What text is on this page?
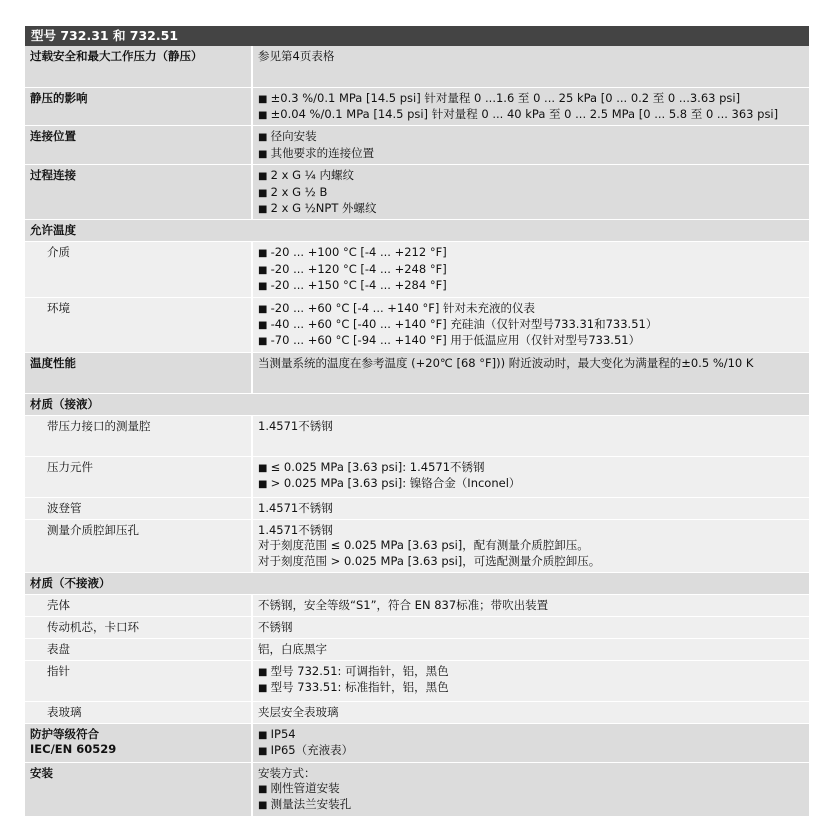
型号 732.31 和 732.51
过载安全和最大工作压力（静压）	参见第4页表格

静压的影响	■ ±0.3 %/0.1 MPa [14.5 psi] 针对量程 0 ...1.6 至 0 ... 25 kPa [0 ... 0.2 至 0 ...3.63 psi]
■ ±0.04 %/0.1 MPa [14.5 psi] 针对量程 0 ... 40 kPa 至 0 ... 2.5 MPa [0 ... 5.8 至 0 ... 363 psi]

连接位置	■ 径向安装
■ 其他要求的连接位置

过程连接	■ 2 x G ¼ 内螺纹
■ 2 x G ½ B
■ 2 x G ½NPT 外螺纹

允许温度	
介质	■ -20 ... +100 °C [-4 ... +212 °F]
■ -20 ... +120 °C [-4 ... +248 °F]
■ -20 ... +150 °C [-4 ... +284 °F]

环境	■ -20 ... +60 °C [-4 ... +140 °F] 针对未充液的仪表
■ -40 ... +60 °C [-40 ... +140 °F] 充硅油（仅针对型号733.31和733.51）
■ -70 ... +60 °C [-94 ... +140 °F] 用于低温应用（仅针对型号733.51）

温度性能	当测量系统的温度在参考温度 (+20℃ [68 °F])) 附近波动时，最大变化为满量程的±0.5 %/10 K

材质（接液）	
带压力接口的测量腔	1.4571不锈钢

压力元件	■ ≤ 0.025 MPa [3.63 psi]: 1.4571不锈钢
■ > 0.025 MPa [3.63 psi]: 镍铬合金（Inconel）

波登管	1.4571不锈钢

测量介质腔卸压孔	1.4571不锈钢
对于刻度范围 ≤ 0.025 MPa [3.63 psi]，配有测量介质腔卸压。
对于刻度范围 > 0.025 MPa [3.63 psi]，可选配测量介质腔卸压。

材质（不接液）	
壳体	不锈钢，安全等级“S1”，符合 EN 837标准；带吹出装置

传动机芯，卡口环	不锈钢

表盘	铝，白底黑字

指针	■ 型号 732.51: 可调指针，铝，黑色
■ 型号 733.51: 标准指针，铝，黑色

表玻璃	夹层安全表玻璃

防护等级符合
IEC/EN 60529	■ IP54
■ IP65（充液表）

安装	安装方式：
■ 刚性管道安装
■ 测量法兰安装孔
